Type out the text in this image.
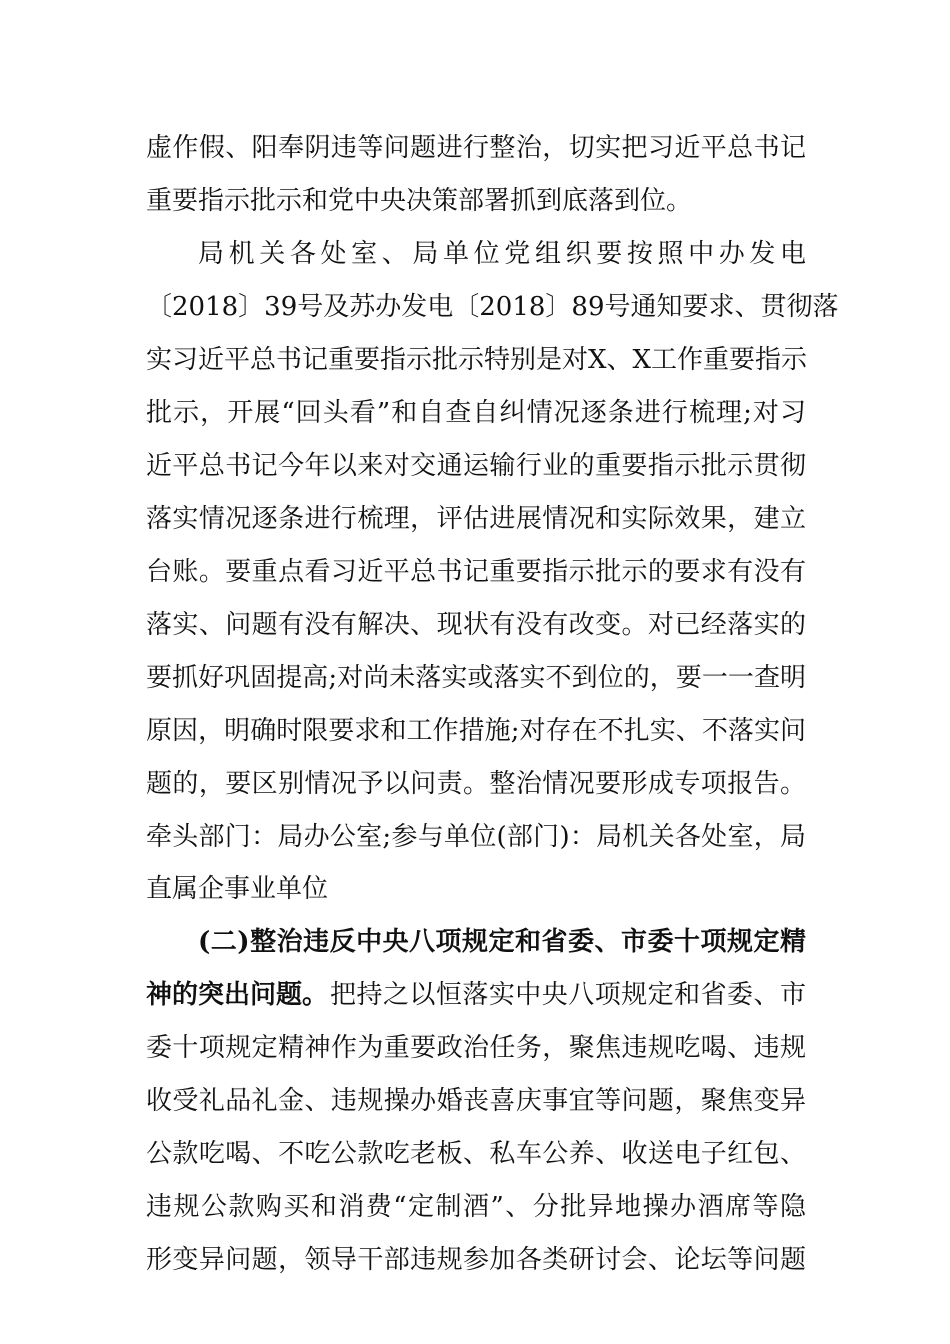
虚作假、阳奉阴违等问题进行整治，切实把习近平总书记
重要指示批示和党中央决策部署抓到底落到位。
局机关各处室、局单位党组织要按照中办发电
〔2018〕39号及苏办发电〔2018〕89号通知要求、贯彻落
实习近平总书记重要指示批示特别是对X、X工作重要指示
批示，开展“回头看”和自查自纠情况逐条进行梳理;对习
近平总书记今年以来对交通运输行业的重要指示批示贯彻
落实情况逐条进行梳理，评估进展情况和实际效果，建立
台账。要重点看习近平总书记重要指示批示的要求有没有
落实、问题有没有解决、现状有没有改变。对已经落实的
要抓好巩固提高;对尚未落实或落实不到位的，要一一查明
原因，明确时限要求和工作措施;对存在不扎实、不落实问
题的，要区别情况予以问责。整治情况要形成专项报告。
牵头部门：局办公室;参与单位(部门)：局机关各处室，局
直属企事业单位
(二)整治违反中央八项规定和省委、市委十项规定精
神的突出问题。 把持之以恒落实中央八项规定和省委、市
委十项规定精神作为重要政治任务，聚焦违规吃喝、违规
收受礼品礼金、违规操办婚丧喜庆事宜等问题，聚焦变异
公款吃喝、不吃公款吃老板、私车公养、收送电子红包、
违规公款购买和消费“定制酒”、分批异地操办酒席等隐
形变异问题，领导干部违规参加各类研讨会、论坛等问题
